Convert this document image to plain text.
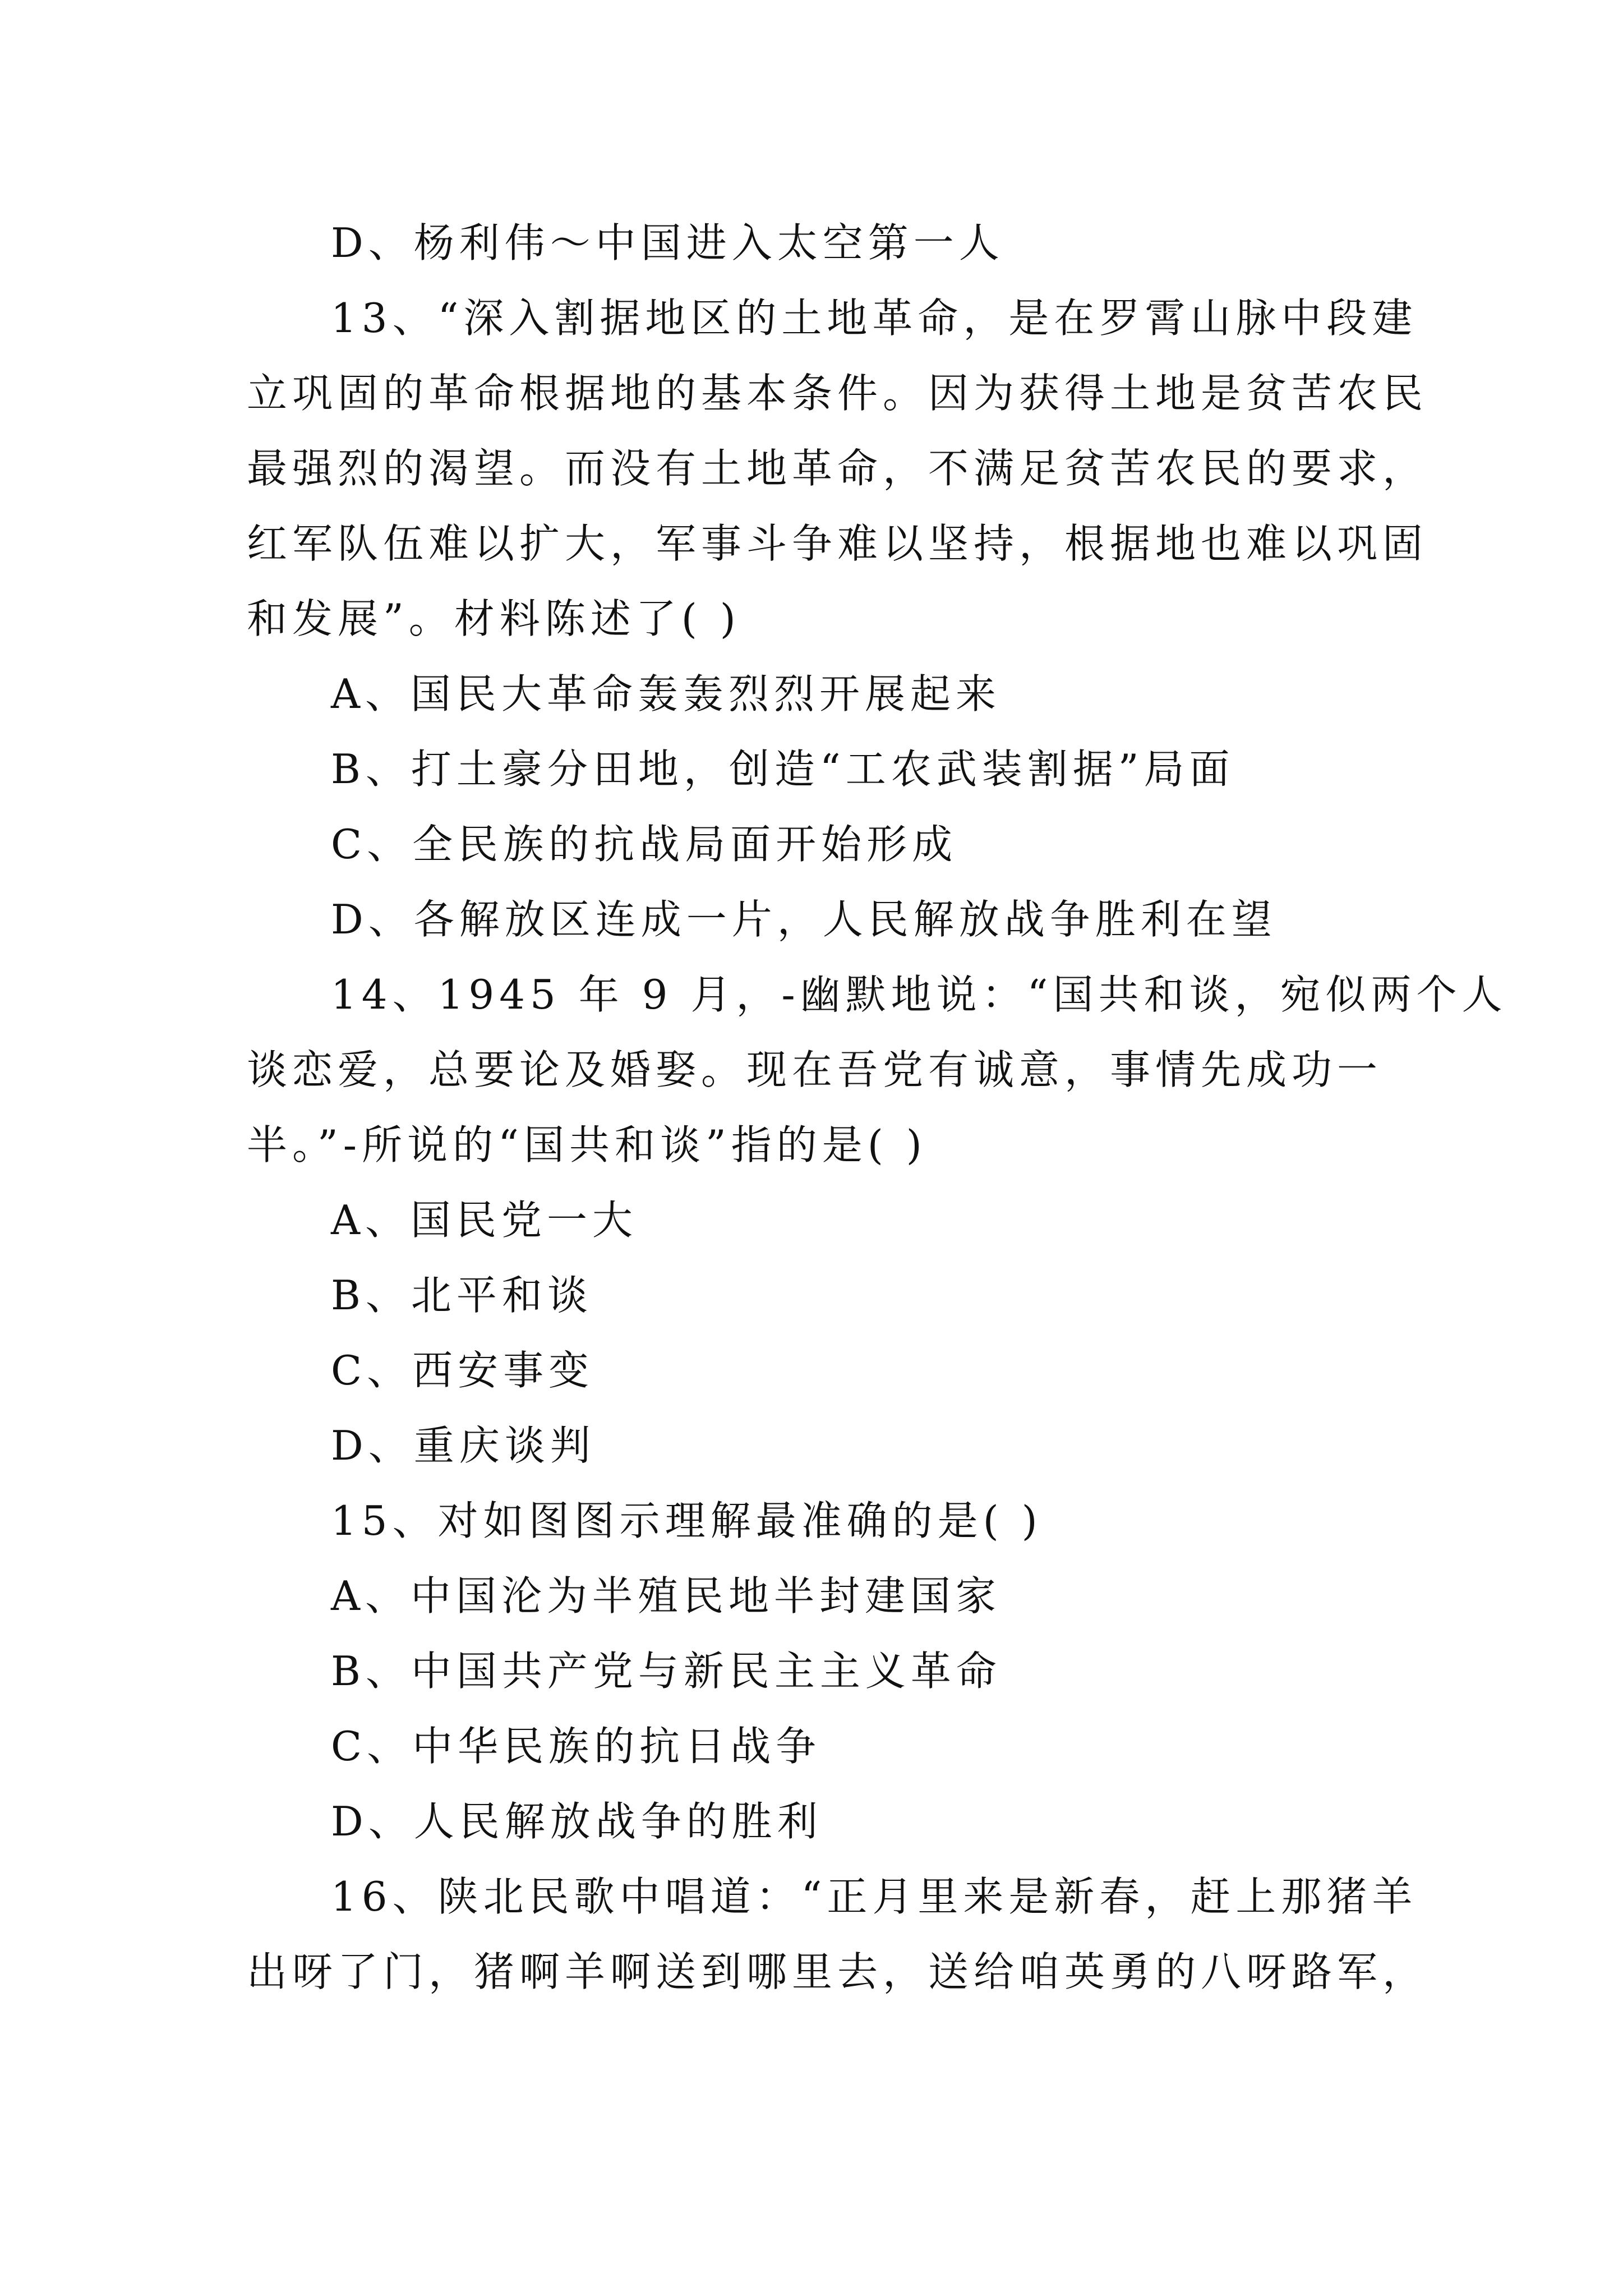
D、杨利伟～中国进入太空第一人
13、“深入割据地区的土地革命，是在罗霄山脉中段建
立巩固的革命根据地的基本条件。因为获得土地是贫苦农民
最强烈的渴望。而没有土地革命，不满足贫苦农民的要求，
红军队伍难以扩大，军事斗争难以坚持，根据地也难以巩固
和发展”。材料陈述了( )
A、国民大革命轰轰烈烈开展起来
B、打土豪分田地，创造“工农武装割据”局面
C、全民族的抗战局面开始形成
D、各解放区连成一片，人民解放战争胜利在望
14、1945 年 9 月，-幽默地说：“国共和谈，宛似两个人
谈恋爱，总要论及婚娶。现在吾党有诚意，事情先成功一
半。”-所说的“国共和谈”指的是( )
A、国民党一大
B、北平和谈
C、西安事变
D、重庆谈判
15、对如图图示理解最准确的是( )
A、中国沦为半殖民地半封建国家
B、中国共产党与新民主主义革命
C、中华民族的抗日战争
D、人民解放战争的胜利
16、陕北民歌中唱道：“正月里来是新春，赶上那猪羊
出呀了门，猪啊羊啊送到哪里去，送给咱英勇的八呀路军，
